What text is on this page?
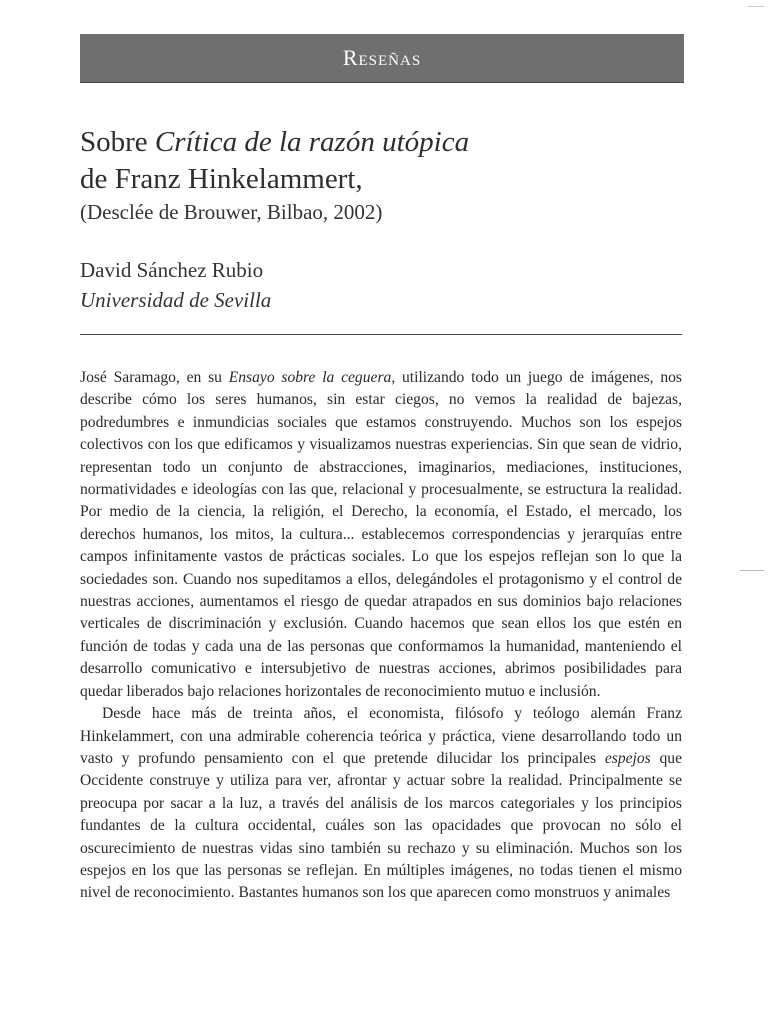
Reseñas
Sobre Crítica de la razón utópica
de Franz Hinkelammert,
(Desclée de Brouwer, Bilbao, 2002)
David Sánchez Rubio
Universidad de Sevilla

José Saramago, en su Ensayo sobre la ceguera, utilizando todo un juego de imágenes, nos describe cómo los seres humanos, sin estar ciegos, no vemos la realidad de bajezas, podredumbres e inmundicias sociales que estamos construyendo. Muchos son los espejos colectivos con los que edificamos y visualizamos nuestras experiencias. Sin que sean de vidrio, representan todo un conjunto de abstracciones, imaginarios, mediaciones, instituciones, normatividades e ideologías con las que, relacional y procesualmente, se estructura la realidad. Por medio de la ciencia, la religión, el Derecho, la economía, el Estado, el mercado, los derechos humanos, los mitos, la cultura... establecemos correspondencias y jerarquías entre campos infinitamente vastos de prácticas sociales. Lo que los espejos reflejan son lo que la sociedades son. Cuando nos supeditamos a ellos, delegándoles el protagonismo y el control de nuestras acciones, aumentamos el riesgo de quedar atrapados en sus dominios bajo relaciones verticales de discriminación y exclusión. Cuando hacemos que sean ellos los que estén en función de todas y cada una de las personas que conformamos la humanidad, manteniendo el desarrollo comunicativo e intersubjetivo de nuestras acciones, abrimos posibilidades para quedar liberados bajo relaciones horizontales de reconocimiento mutuo e inclusión.

Desde hace más de treinta años, el economista, filósofo y teólogo alemán Franz Hinkelammert, con una admirable coherencia teórica y práctica, viene desarrollando todo un vasto y profundo pensamiento con el que pretende dilucidar los principales espejos que Occidente construye y utiliza para ver, afrontar y actuar sobre la realidad. Principalmente se preocupa por sacar a la luz, a través del análisis de los marcos categoriales y los principios fundantes de la cultura occidental, cuáles son las opacidades que provocan no sólo el oscurecimiento de nuestras vidas sino también su rechazo y su eliminación. Muchos son los espejos en los que las personas se reflejan. En múltiples imágenes, no todas tienen el mismo nivel de reconocimiento. Bastantes humanos son los que aparecen como monstruos y animales
